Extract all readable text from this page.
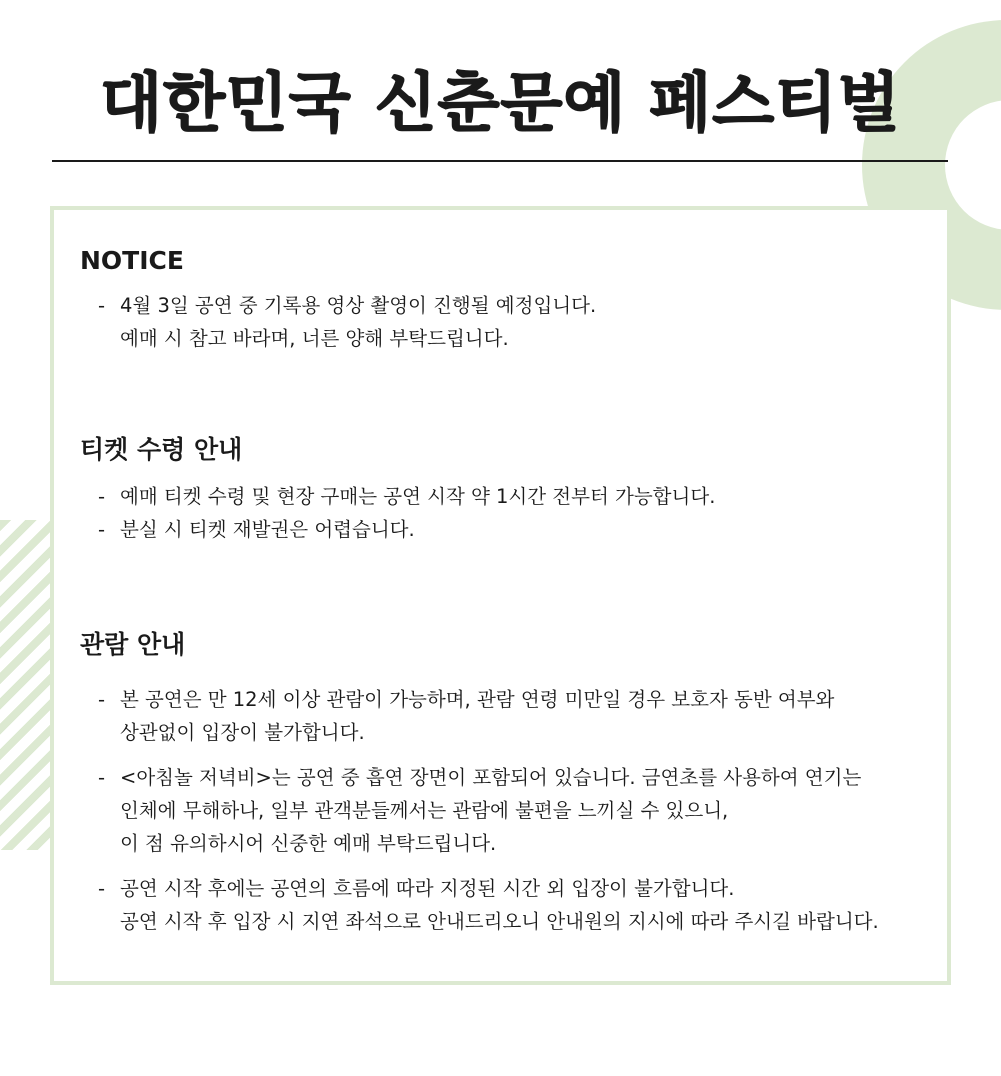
대한민국 신춘문예 페스티벌
NOTICE
- 4월 3일 공연 중 기록용 영상 촬영이 진행될 예정입니다.
예매 시 참고 바라며, 너른 양해 부탁드립니다.
티켓 수령 안내
- 예매 티켓 수령 및 현장 구매는 공연 시작 약 1시간 전부터 가능합니다.
- 분실 시 티켓 재발권은 어렵습니다.
관람 안내
- 본 공연은 만 12세 이상 관람이 가능하며, 관람 연령 미만일 경우 보호자 동반 여부와
상관없이 입장이 불가합니다.
- <아침놀 저녁비>는 공연 중 흡연 장면이 포함되어 있습니다. 금연초를 사용하여 연기는
인체에 무해하나, 일부 관객분들께서는 관람에 불편을 느끼실 수 있으니,
이 점 유의하시어 신중한 예매 부탁드립니다.
- 공연 시작 후에는 공연의 흐름에 따라 지정된 시간 외 입장이 불가합니다.
공연 시작 후 입장 시 지연 좌석으로 안내드리오니 안내원의 지시에 따라 주시길 바랍니다.
